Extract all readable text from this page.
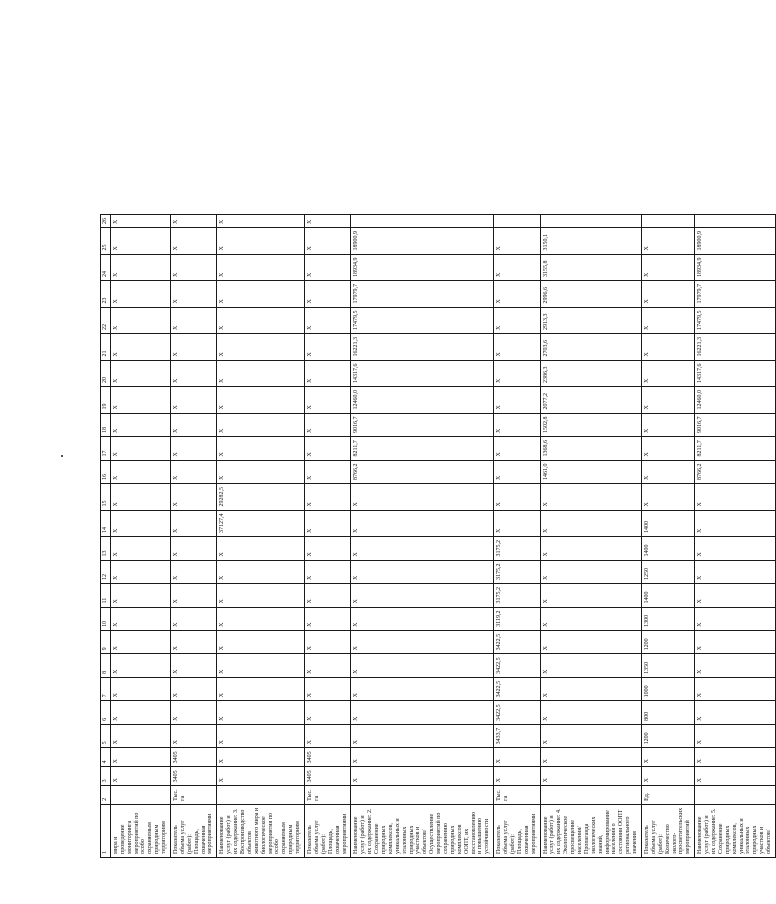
1	2	3	4	5	6	7	8	9	10	11	12	13	14	15	16	17	18	19	20	21	22	23	24	25	26
мира и проведение мониторинга мероприятий по особо охраняемым природным территориям		Х	Х	Х	Х	Х	Х	Х	Х	Х	Х	Х	Х	Х	Х	Х	Х	Х	Х	Х	Х	Х	Х	Х	Х
Показатель объема услуг (работ): Площадь, охваченная мероприятиями	Тыс. га	3405	3405	Х	Х	Х	Х	Х	Х	Х	Х	Х	Х	Х	Х	Х	Х	Х	Х	Х	Х	Х	Х	Х	Х
Наименование услуг (работ) и их содержание: 3. Воспроизводство объектов животного мира и биологическое мероприятия по особо охраняемым природным территориям		Х	Х	Х	Х	Х	Х	Х	Х	Х	Х	Х	37127,4	29282,5	Х	Х	Х	Х	Х	Х	Х	Х	Х	Х	Х
Показатель объема услуг (работ): Площадь, охваченная мероприятиями	Тыс. га	3405	3405	Х	Х	Х	Х	Х	Х	Х	Х	Х	Х	Х	Х	Х	Х	Х	Х	Х	Х	Х	Х	Х	Х
Наименование услуг (работ) и их содержание: 2. Сохранение природных комплексов, уникальных и эталонных природных участков и объектов/ Осуществление мероприятий по сохранению природных комплексов ООПТ, их восстановлению и повышению устойчивости		Х	Х	Х	Х	Х	Х	Х	Х	Х	Х	Х	Х	Х	8766,2	8211,7	9016,7	12460,0	14317,6	16221,3	17479,5	17979,7	18934,9	18900,9	
Показатель объема услуг (работ): Площадь, охваченная мероприятиями	Тыс. га	Х	Х	3433,7	3422,5	3422,5	3422,5	3422,5	3119,2	3175,2	3175,2	3175,2	Х	Х	Х	Х	Х	Х	Х	Х	Х	Х	Х	Х	
Наименование услуг (работ) и их содержание: 4. Экологическое просвещение населения/ Пропаганда экологических знаний, информирование населения о состоянии ООПТ регионального значения		Х	Х	Х	Х	Х	Х	Х	Х	Х	Х	Х	Х	Х	1461,0	1368,6	1502,8	2077,2	2386,3	2703,6	2913,3	2996,6	3155,8	3150,1	
Показатель объема услуг (работ): Количество эколого-просветительских мероприятий	Ед.	Х	Х	1200	800	1000	1350	1200	1300	1400	1250	1400	1400	Х	Х	Х	Х	Х	Х	Х	Х	Х	Х	Х	
Наименование услуг (работ) и их содержание: 5. Сохранение природных комплексов, уникальных и эталонных природных участков и объектов/		Х	Х	Х	Х	Х	Х	Х	Х	Х	Х	Х	Х	Х	8766,2	8211,7	9016,7	12460,0	14317,6	16221,3	17479,5	17979,7	18934,9	18900,9	
